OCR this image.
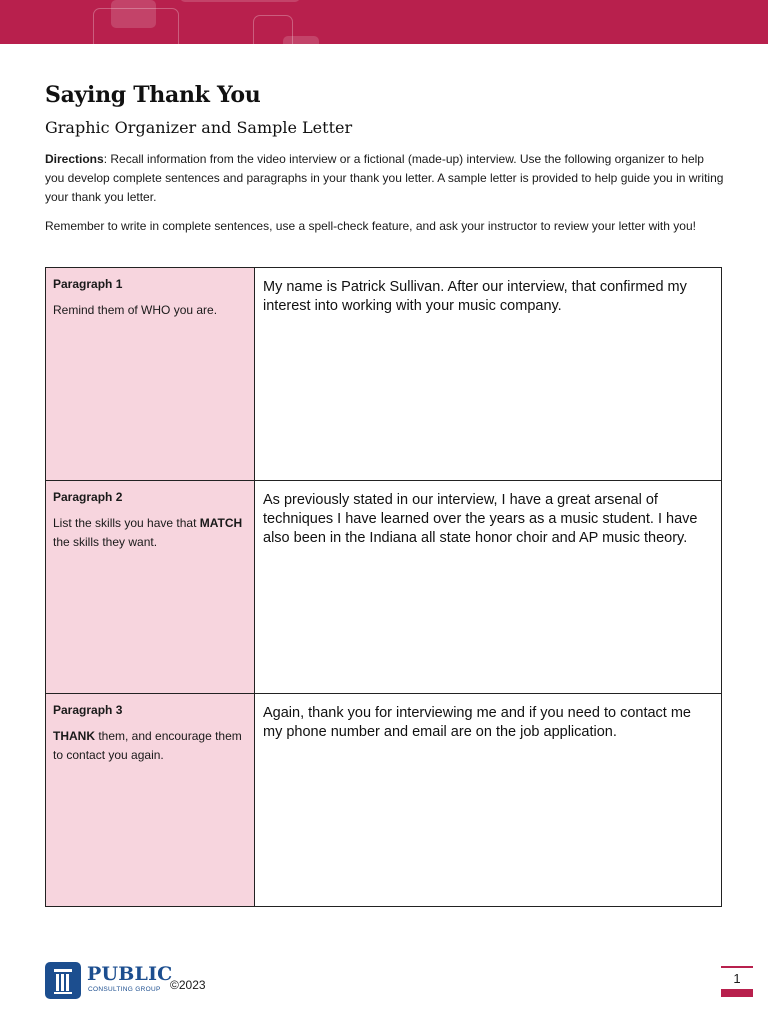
Saying Thank You
Graphic Organizer and Sample Letter

Directions: Recall information from the video interview or a fictional (made-up) interview. Use the following organizer to help you develop complete sentences and paragraphs in your thank you letter. A sample letter is provided to help guide you in writing your thank you letter.

Remember to write in complete sentences, use a spell-check feature, and ask your instructor to review your letter with you!

Paragraph 1
Remind them of WHO you are.	My name is Patrick Sullivan. After our interview, that confirmed my interest into working with your music company.

Paragraph 2
List the skills you have that MATCH the skills they want.	As previously stated in our interview, I have a great arsenal of techniques I have learned over the years as a music student. I have also been in the Indiana all state honor choir and AP music theory.

Paragraph 3
THANK them, and encourage them to contact you again.	Again, thank you for interviewing me and if you need to contact me my phone number and email are on the job application.
PUBLIC
CONSULTING GROUP ©2023	1
